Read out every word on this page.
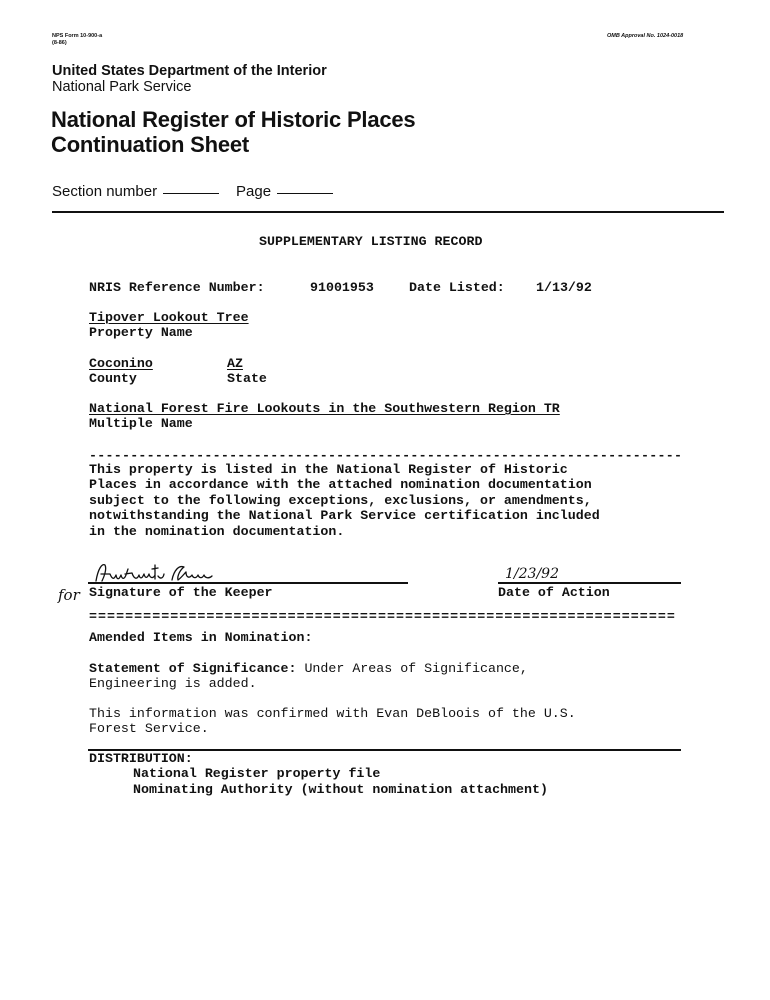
NPS Form 10-900-a
(8-86)
OMB Approval No. 1024-0018
United States Department of the Interior
National Park Service
National Register of Historic Places
Continuation Sheet
Section number	Page
SUPPLEMENTARY LISTING RECORD
NRIS Reference Number:	91001953	Date Listed: 1/13/92
Tipover Lookout Tree
Property Name
Coconino
County
AZ
State
National Forest Fire Lookouts in the Southwestern Region TR
Multiple Name
------------------------------------------------------------------------
This property is listed in the National Register of Historic
Places in accordance with the attached nomination documentation
subject to the following exceptions, exclusions, or amendments,
notwithstanding the National Park Service certification included
in the nomination documentation.
for Signature of the Keeper
1/23/92
Date of Action
=================================================================
Amended Items in Nomination:
Statement of Significance: Under Areas of Significance,
Engineering is added.
This information was confirmed with Evan DeBloois of the U.S.
Forest Service.
DISTRIBUTION:
National Register property file
Nominating Authority (without nomination attachment)
